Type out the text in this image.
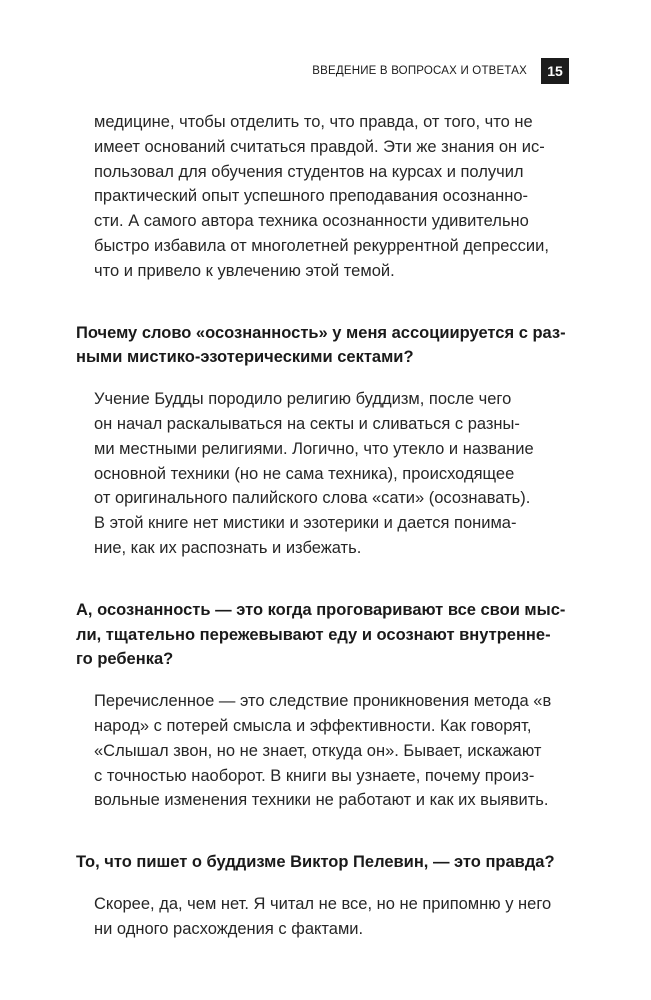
ВВЕДЕНИЕ В ВОПРОСАХ И ОТВЕТАХ	15
медицине, чтобы отделить то, что правда, от того, что не
имеет оснований считаться правдой. Эти же знания он ис-
пользовал для обучения студентов на курсах и получил
практический опыт успешного преподавания осознанно-
сти. А самого автора техника осознанности удивительно
быстро избавила от многолетней рекуррентной депрессии,
что и привело к увлечению этой темой.
Почему слово «осознанность» у меня ассоциируется с раз-
ными мистико-эзотерическими сектами?
Учение Будды породило религию буддизм, после чего
он начал раскалываться на секты и сливаться с разны-
ми местными религиями. Логично, что утекло и название
основной техники (но не сама техника), происходящее
от оригинального палийского слова «сати» (осознавать).
В этой книге нет мистики и эзотерики и дается понима-
ние, как их распознать и избежать.
А, осознанность — это когда проговаривают все свои мыс-
ли, тщательно пережевывают еду и осознают внутренне-
го ребенка?
Перечисленное — это следствие проникновения метода «в
народ» с потерей смысла и эффективности. Как говорят,
«Слышал звон, но не знает, откуда он». Бывает, искажают
с точностью наоборот. В книги вы узнаете, почему произ-
вольные изменения техники не работают и как их выявить.
То, что пишет о буддизме Виктор Пелевин, — это правда?
Скорее, да, чем нет. Я читал не все, но не припомню у него
ни одного расхождения с фактами.
